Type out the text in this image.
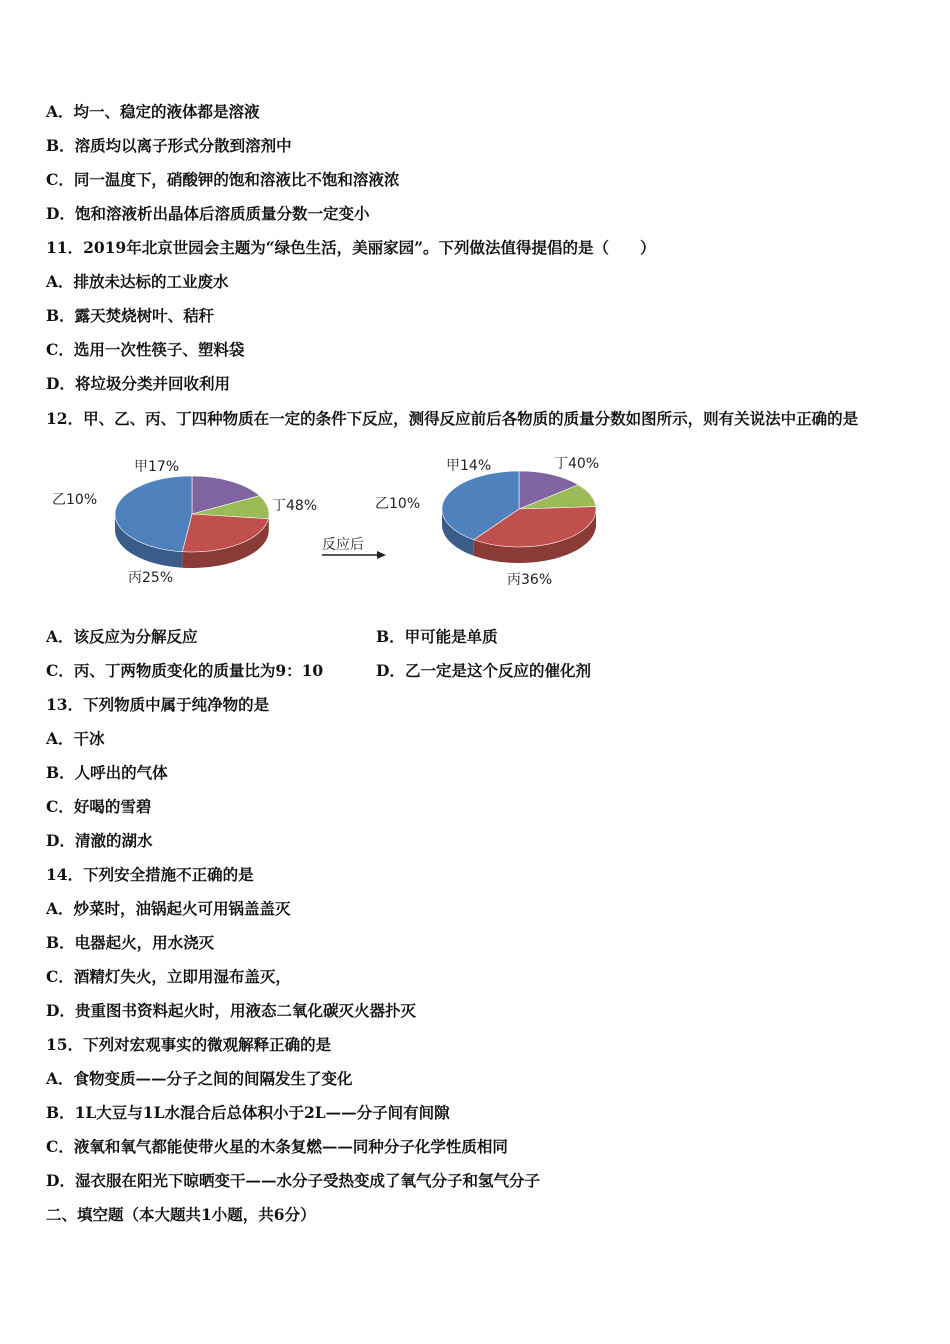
A．均一、稳定的液体都是溶液
B．溶质均以离子形式分散到溶剂中
C．同一温度下，硝酸钾的饱和溶液比不饱和溶液浓
D．饱和溶液析出晶体后溶质质量分数一定变小
11．2019年北京世园会主题为“绿色生活，美丽家园”。下列做法值得提倡的是（　　）
A．排放未达标的工业废水
B．露天焚烧树叶、秸秆
C．选用一次性筷子、塑料袋
D．将垃圾分类并回收利用
12．甲、乙、丙、丁四种物质在一定的条件下反应，测得反应前后各物质的质量分数如图所示，则有关说法中正确的是
反应后
甲17%
乙10%
丙25%
丁48%
甲14%
乙10%
丙36%
丁40%
A．该反应为分解反应	B．甲可能是单质
C．丙、丁两物质变化的质量比为9：10	D．乙一定是这个反应的催化剂
13．下列物质中属于纯净物的是
A．干冰
B．人呼出的气体
C．好喝的雪碧
D．清澈的湖水
14．下列安全措施不正确的是
A．炒菜时，油锅起火可用锅盖盖灭
B．电器起火，用水浇灭
C．酒精灯失火，立即用湿布盖灭，
D．贵重图书资料起火时，用液态二氧化碳灭火器扑灭
15．下列对宏观事实的微观解释正确的是
A．食物变质——分子之间的间隔发生了变化
B．1L大豆与1L水混合后总体积小于2L——分子间有间隙
C．液氧和氧气都能使带火星的木条复燃——同种分子化学性质相同
D．湿衣服在阳光下晾晒变干——水分子受热变成了氧气分子和氢气分子
二、填空题（本大题共1小题，共6分）
